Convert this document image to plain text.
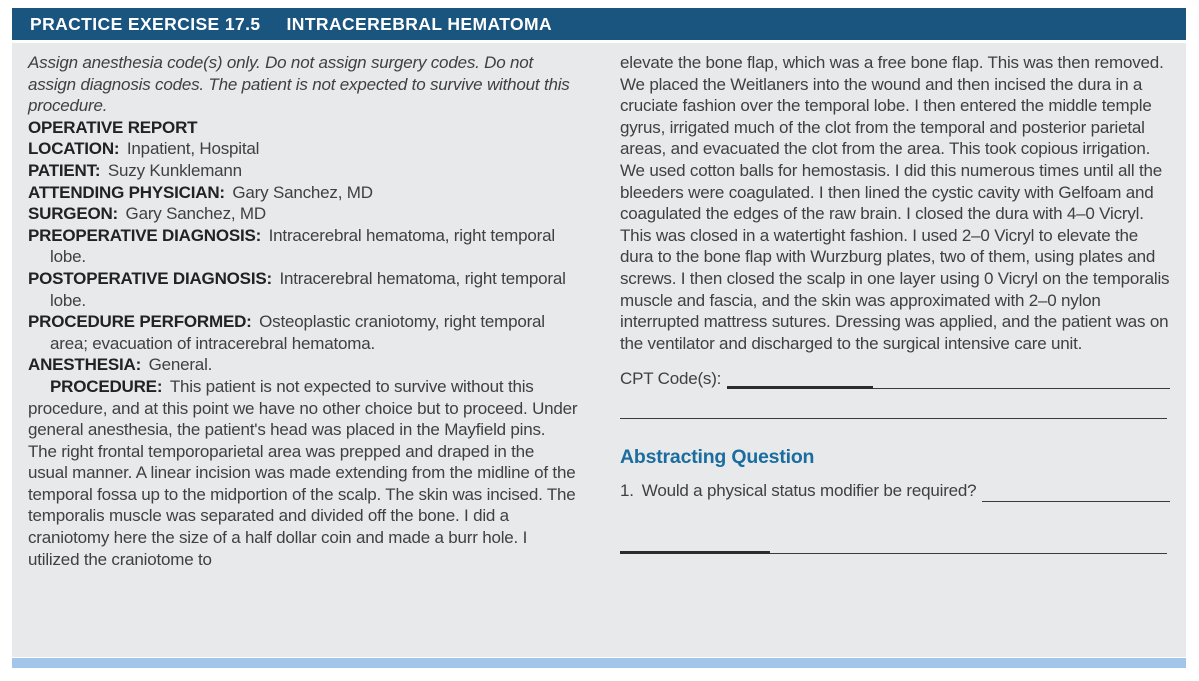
PRACTICE EXERCISE 17.5 INTRACEREBRAL HEMATOMA

Assign anesthesia code(s) only. Do not assign surgery codes. Do not assign diagnosis codes. The patient is not expected to survive without this procedure.

OPERATIVE REPORT

LOCATION: Inpatient, Hospital

PATIENT: Suzy Kunklemann

ATTENDING PHYSICIAN: Gary Sanchez, MD

SURGEON: Gary Sanchez, MD

PREOPERATIVE DIAGNOSIS: Intracerebral hematoma, right temporal lobe.

POSTOPERATIVE DIAGNOSIS: Intracerebral hematoma, right temporal lobe.

PROCEDURE PERFORMED: Osteoplastic craniotomy, right temporal area; evacuation of intracerebral hematoma.

ANESTHESIA: General.

PROCEDURE: This patient is not expected to survive without this procedure, and at this point we have no other choice but to proceed. Under general anesthesia, the patient's head was placed in the Mayfield pins. The right frontal temporoparietal area was prepped and draped in the usual manner. A linear incision was made extending from the midline of the temporal fossa up to the midportion of the scalp. The skin was incised. The temporalis muscle was separated and divided off the bone. I did a craniotomy here the size of a half dollar coin and made a burr hole. I utilized the craniotome to

elevate the bone flap, which was a free bone flap. This was then removed. We placed the Weitlaners into the wound and then incised the dura in a cruciate fashion over the temporal lobe. I then entered the middle temple gyrus, irrigated much of the clot from the temporal and posterior parietal areas, and evacuated the clot from the area. This took copious irrigation. We used cotton balls for hemostasis. I did this numerous times until all the bleeders were coagulated. I then lined the cystic cavity with Gelfoam and coagulated the edges of the raw brain. I closed the dura with 4–0 Vicryl. This was closed in a watertight fashion. I used 2–0 Vicryl to elevate the dura to the bone flap with Wurzburg plates, two of them, using plates and screws. I then closed the scalp in one layer using 0 Vicryl on the temporalis muscle and fascia, and the skin was approximated with 2–0 nylon interrupted mattress sutures. Dressing was applied, and the patient was on the ventilator and discharged to the surgical intensive care unit.

CPT Code(s):
Abstracting Question
1. Would a physical status modifier be required?
